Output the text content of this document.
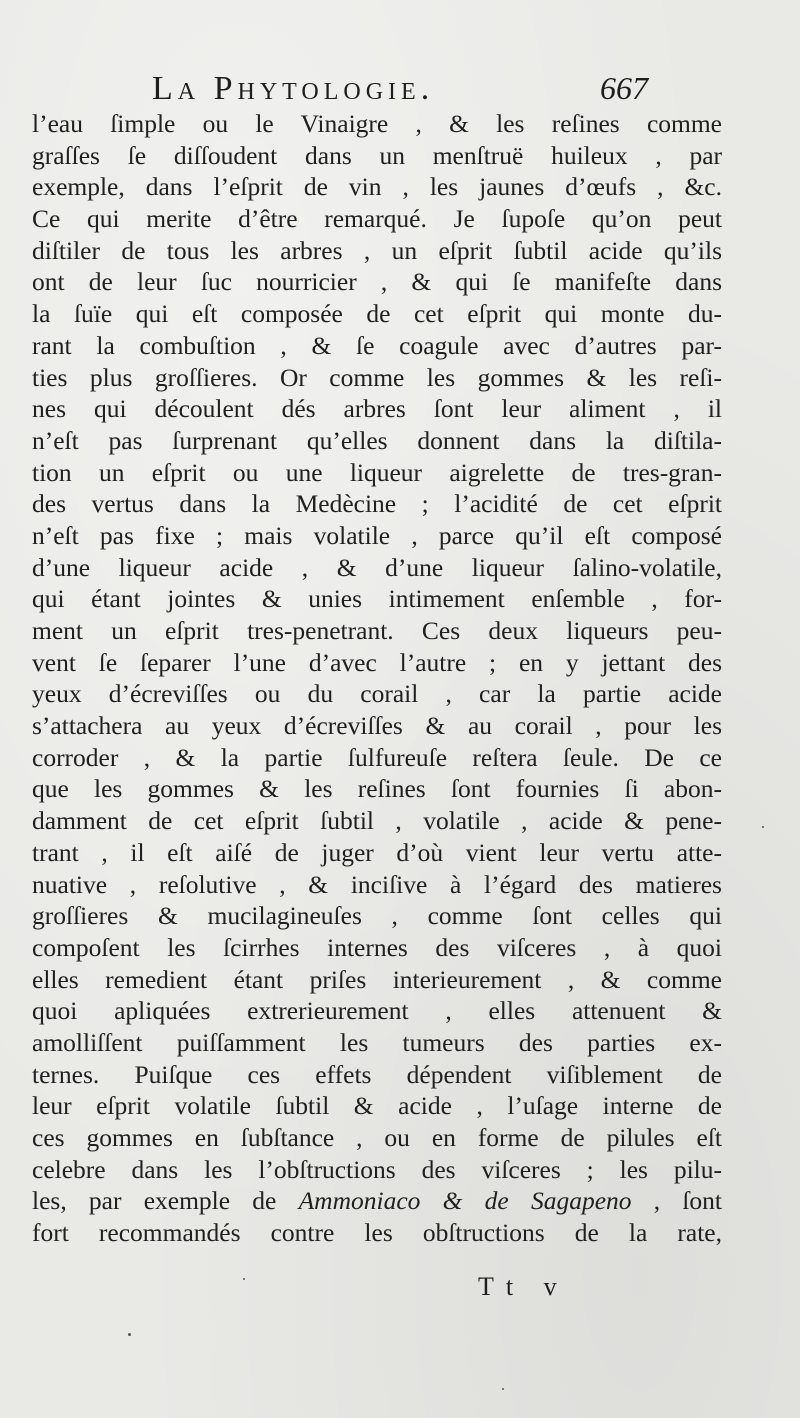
La Phytologie.	667
l’eau ſimple ou le Vinaigre , & les reſines comme
graſſes ſe diſſoudent dans un menſtruë huileux , par
exemple, dans l’eſprit de vin , les jaunes d’œufs , &c.
Ce qui merite d’être remarqué. Je ſupoſe qu’on peut
diſtiler de tous les arbres , un eſprit ſubtil acide qu’ils
ont de leur ſuc nourricier , & qui ſe manifeſte dans
la ſuïe qui eſt composée de cet eſprit qui monte du-
rant la combuſtion , & ſe coagule avec d’autres par-
ties plus groſſieres. Or comme les gommes & les reſi-
nes qui découlent dés arbres ſont leur aliment , il
n’eſt pas ſurprenant qu’elles donnent dans la diſtila-
tion un eſprit ou une liqueur aigrelette de tres-gran-
des vertus dans la Medècine ; l’acidité de cet eſprit
n’eſt pas fixe ; mais volatile , parce qu’il eſt composé
d’une liqueur acide , & d’une liqueur ſalino-volatile,
qui étant jointes & unies intimement enſemble , for-
ment un eſprit tres-penetrant. Ces deux liqueurs peu-
vent ſe ſeparer l’une d’avec l’autre ; en y jettant des
yeux d’écreviſſes ou du corail , car la partie acide
s’attachera au yeux d’écreviſſes & au corail , pour les
corroder , & la partie ſulfureuſe reſtera ſeule. De ce
que les gommes & les reſines ſont fournies ſi abon-
damment de cet eſprit ſubtil , volatile , acide & pene-
trant , il eſt aiſé de juger d’où vient leur vertu atte-
nuative , reſolutive , & inciſive à l’égard des matieres
groſſieres & mucilagineuſes , comme ſont celles qui
compoſent les ſcirrhes internes des viſceres , à quoi
elles remedient étant priſes interieurement , & comme
quoi apliquées extrerieurement , elles attenuent &
amolliſſent puiſſamment les tumeurs des parties ex-
ternes. Puiſque ces effets dépendent viſiblement de
leur eſprit volatile ſubtil & acide , l’uſage interne de
ces gommes en ſubſtance , ou en forme de pilules eſt
celebre dans les l’obſtructions des viſceres ; les pilu-
les, par exemple de Ammoniaco & de Sagapeno , ſont
fort recommandés contre les obſtructions de la rate,
Tt v
